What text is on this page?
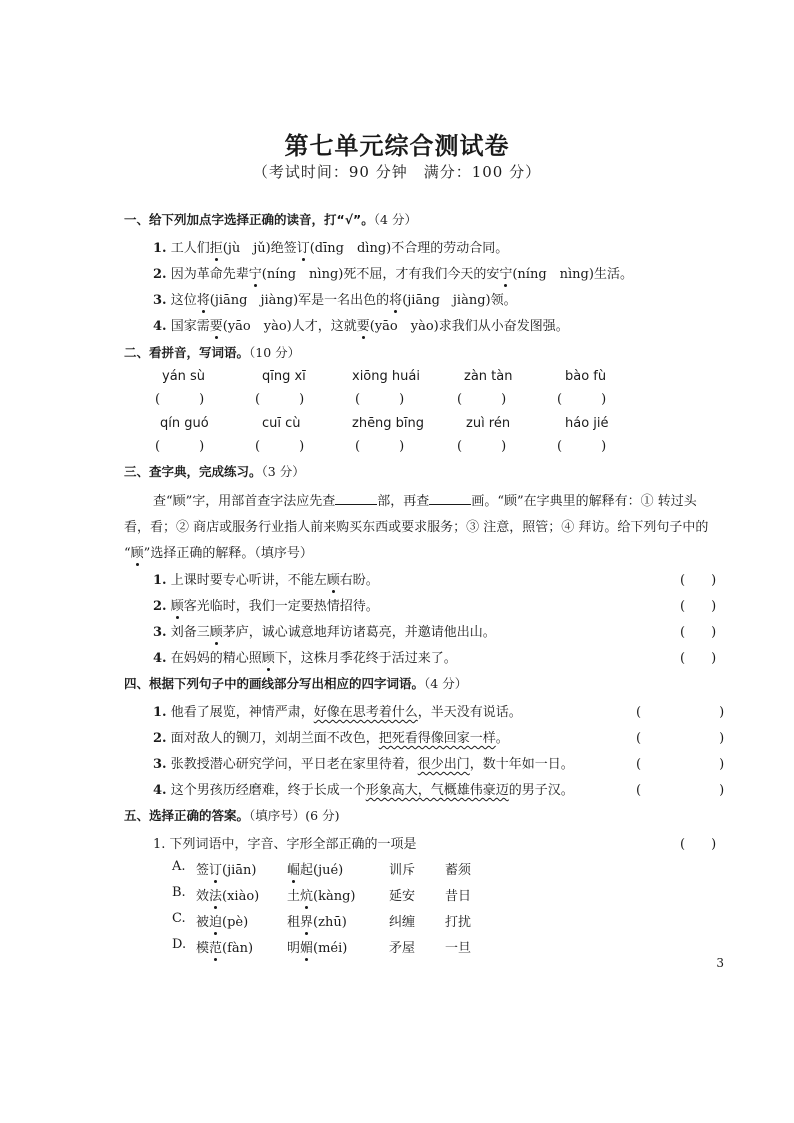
第七单元综合测试卷
（考试时间：90 分钟　满分：100 分）
一、给下列加点字选择正确的读音，打“√”。（4 分）
1. 工人们拒(jù　jǔ)绝签订(dīng　dìng)不合理的劳动合同。
2. 因为革命先辈宁(níng　nìng)死不屈，才有我们今天的安宁(níng　nìng)生活。
3. 这位将(jiāng　jiàng)军是一名出色的将(jiāng　jiàng)领。
4. 国家需要(yāo　yào)人才，这就要(yāo　yào)求我们从小奋发图强。
二、看拼音，写词语。（10 分）
yán sù	qīng xī	xiōng huái	zàn tàn	bào fù
(　　　)	(　　　)	(　　　)	(　　　)	(　　　)
qín guó	cuī cù	zhēng bīng	zuì rén	háo jié
(　　　)	(　　　)	(　　　)	(　　　)	(　　　)
三、查字典，完成练习。（3 分）
查“顾”字，用部首查字法应先查	部，再查	画。“顾”在字典里的解释有：① 转过头
看，看；② 商店或服务行业指人前来购买东西或要求服务；③ 注意，照管；④ 拜访。给下列句子中的
“顾”选择正确的解释。（填序号）
1. 上课时要专心听讲，不能左顾右盼。	(　　)
2. 顾客光临时，我们一定要热情招待。	(　　)
3. 刘备三顾茅庐，诚心诚意地拜访诸葛亮，并邀请他出山。	(　　)
4. 在妈妈的精心照顾下，这株月季花终于活过来了。	(　　)
四、根据下列句子中的画线部分写出相应的四字词语。（4 分）
1. 他看了展览，神情严肃，好像在思考着什么，半天没有说话。	(　　　　　　)
2. 面对敌人的铡刀，刘胡兰面不改色，把死看得像回家一样。	(　　　　　　)
3. 张教授潜心研究学问，平日老在家里待着，很少出门，数十年如一日。	(　　　　　　)
4. 这个男孩历经磨难，终于长成一个形象高大，气概雄伟豪迈的男子汉。	(　　　　　　)
五、选择正确的答案。（填序号）(6 分)
1. 下列词语中，字音、字形全部正确的一项是	(　　)
A. 签订(jiān) 崛起(jué)	训斥 蓄须
B. 效法(xiào) 土炕(kàng)	延安 昔日
C. 被迫(pè)	租界(zhū)	纠缠 打扰
D. 模范(fàn)	明媚(méi)	矛屋 一旦
3
